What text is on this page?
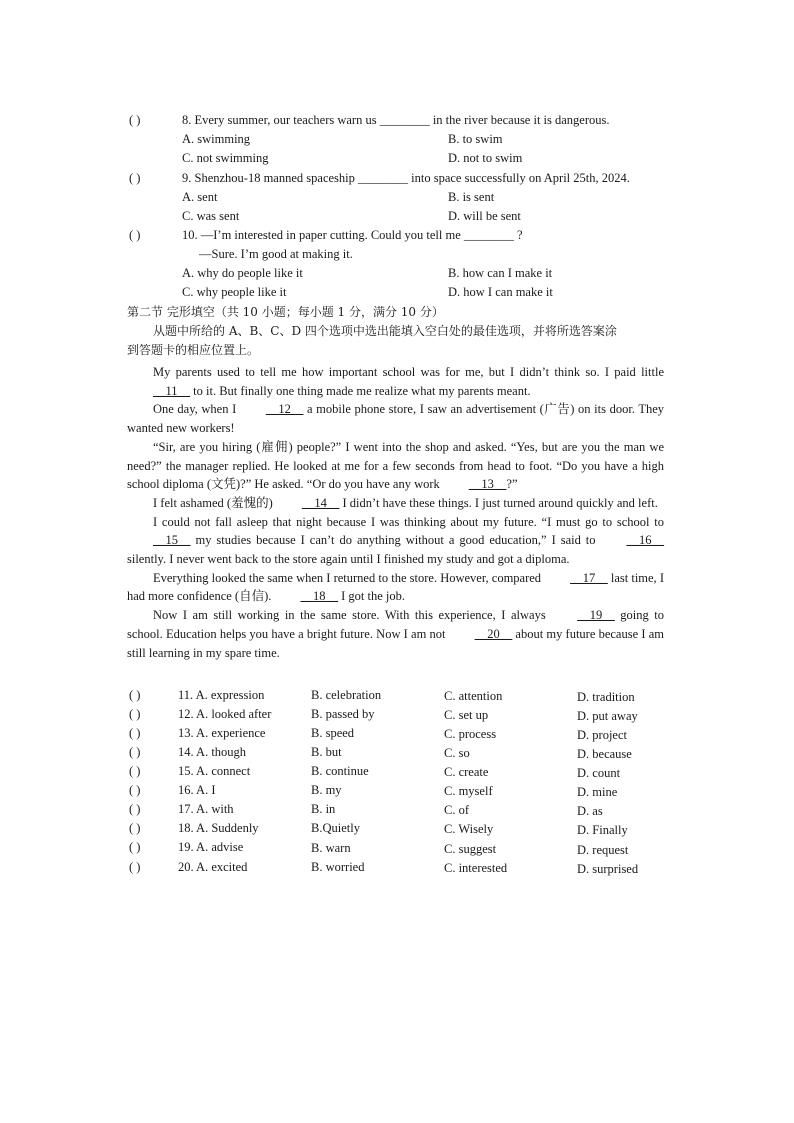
( )	8. Every summer, our teachers warn us ________ in the river because it is dangerous.
A. swimming	B. to swim
C. not swimming	D. not to swim
( )	9. Shenzhou-18 manned spaceship ________ into space successfully on April 25th, 2024.
A. sent	B. is sent
C. was sent	D. will be sent
( )	10. —I’m interested in paper cutting. Could you tell me ________ ?
—Sure. I’m good at making it.
A. why do people like it	B. how can I make it
C. why people like it	D. how I can make it
第二节 完形填空（共 10 小题；每小题 1 分，满分 10 分）
从题中所给的 A、B、C、D 四个选项中选出能填入空白处的最佳选项，并将所选答案涂
到答题卡的相应位置上。

My parents used to tell me how important school was for me, but I didn’t think so. I paid little __11__ to it. But finally one thing made me realize what my parents meant.

One day, when I __12__ a mobile phone store, I saw an advertisement (广告) on its door. They wanted new workers!

“Sir, are you hiring (雇佣) people?” I went into the shop and asked. “Yes, but are you the man we need?” the manager replied. He looked at me for a few seconds from head to foot. “Do you have a high school diploma (文凭)?” He asked. “Or do you have any work __13__?”

I felt ashamed (羞愧的) __14__ I didn’t have these things. I just turned around quickly and left.

I could not fall asleep that night because I was thinking about my future. “I must go to school to __15__ my studies because I can’t do anything without a good education,” I said to __16__ silently. I never went back to the store again until I finished my study and got a diploma.

Everything looked the same when I returned to the store. However, compared __17__ last time, I had more confidence (自信). __18__ I got the job.

Now I am still working in the same store. With this experience, I always	__19__ going to school. Education helps you have a bright future. Now I am not __20__ about my future because I am still learning in my spare time.

( )	11. A. expression	B. celebration	C. attention	D. tradition
( )	12. A. looked after	B. passed by	C. set up	D. put away
( )	13. A. experience	B. speed	C. process	D. project
( )	14. A. though	B. but	C. so	D. because
( )	15. A. connect	B. continue	C. create	D. count
( )	16. A. I	B. my	C. myself	D. mine
( )	17. A. with	B. in	C. of	D. as
( )	18. A. Suddenly	B.Quietly	C. Wisely	D. Finally
( )	19. A. advise	B. warn	C. suggest	D. request
( )	20. A. excited	B. worried	C. interested	D. surprised
